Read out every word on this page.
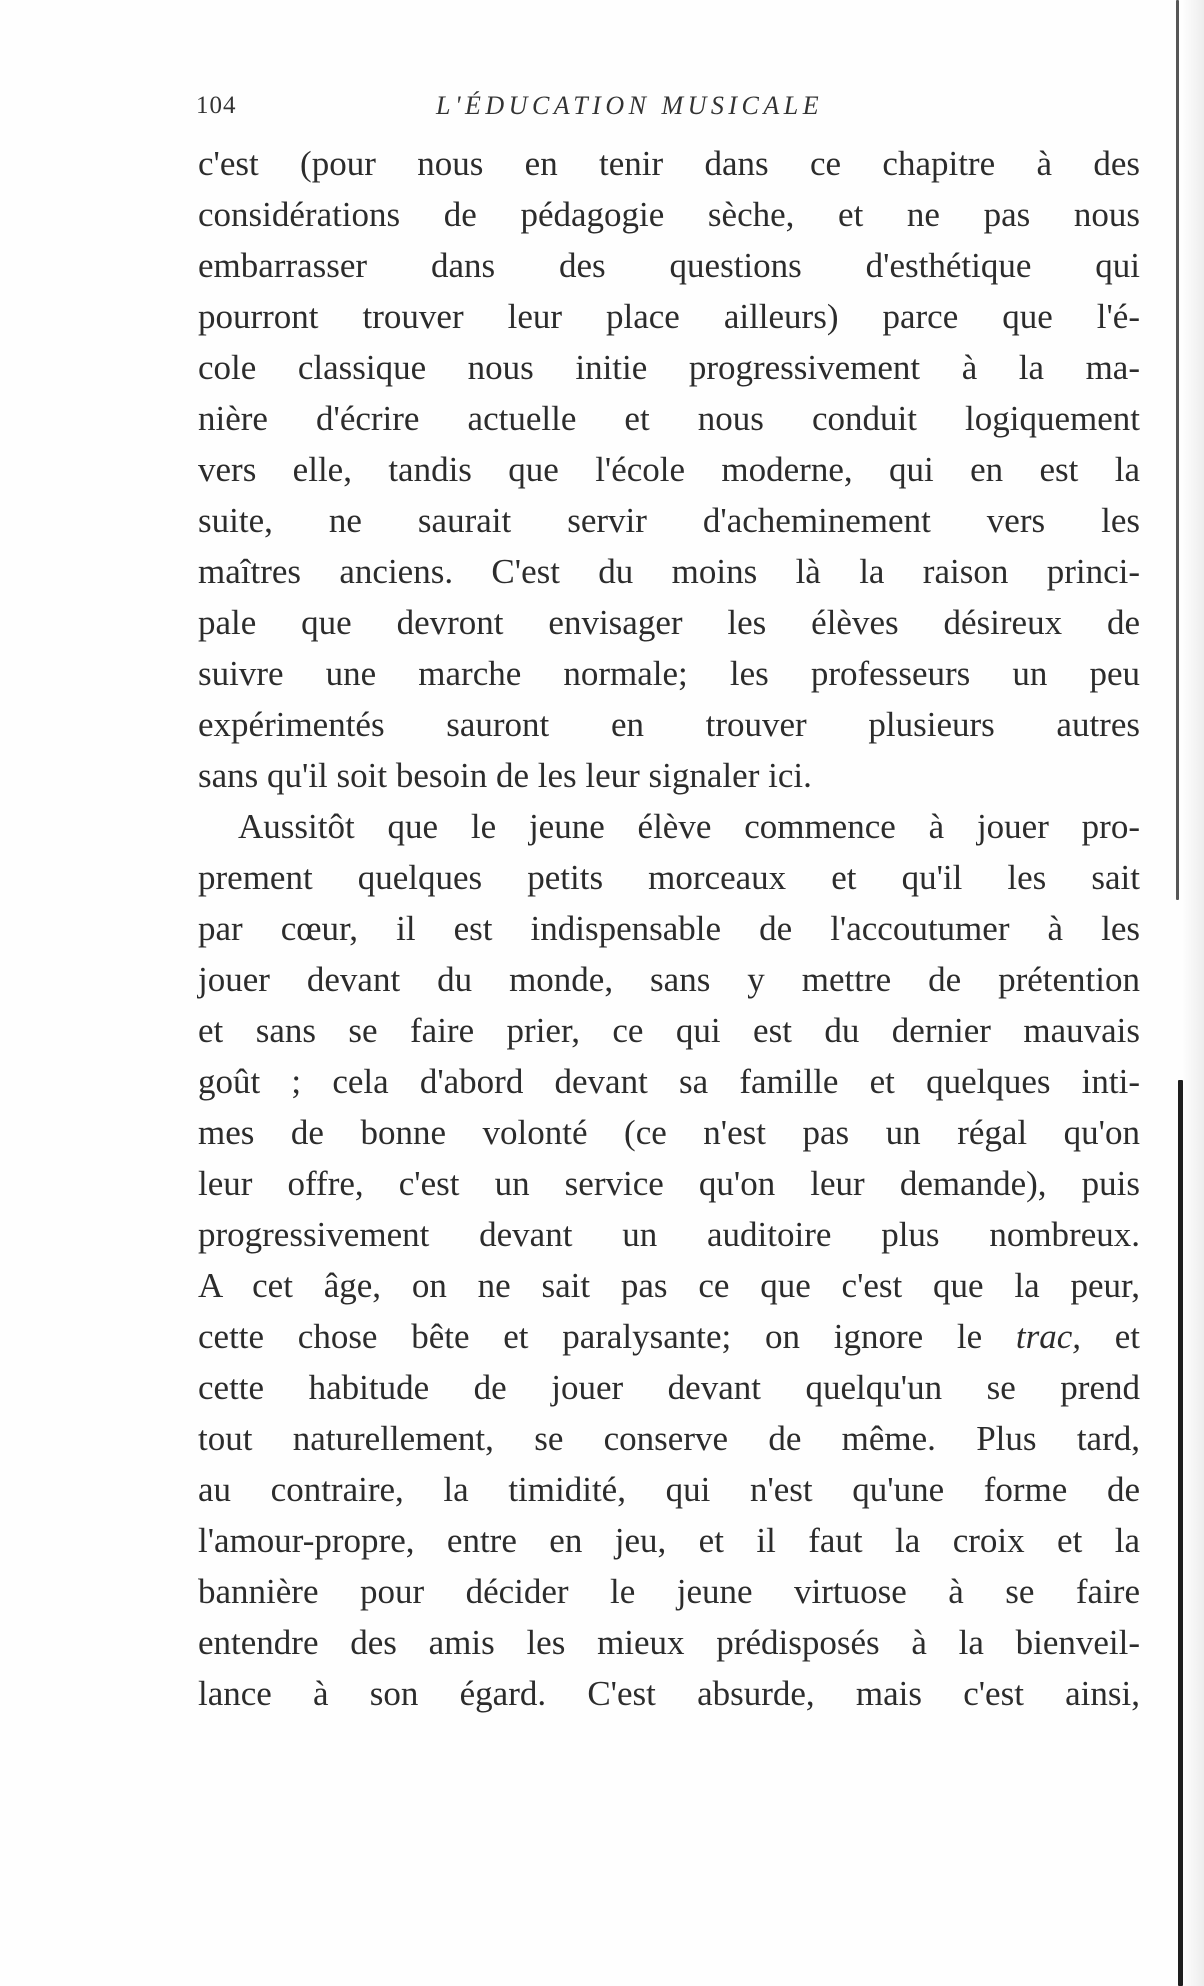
104	L'ÉDUCATION MUSICALE
c'est (pour nous en tenir dans ce chapitre à des
considérations de pédagogie sèche, et ne pas nous
embarrasser dans des questions d'esthétique qui
pourront trouver leur place ailleurs) parce que l'é-
cole classique nous initie progressivement à la ma-
nière d'écrire actuelle et nous conduit logiquement
vers elle, tandis que l'école moderne, qui en est la
suite, ne saurait servir d'acheminement vers les
maîtres anciens. C'est du moins là la raison princi-
pale que devront envisager les élèves désireux de
suivre une marche normale; les professeurs un peu
expérimentés sauront en trouver plusieurs autres
sans qu'il soit besoin de les leur signaler ici.
Aussitôt que le jeune élève commence à jouer pro-
prement quelques petits morceaux et qu'il les sait
par cœur, il est indispensable de l'accoutumer à les
jouer devant du monde, sans y mettre de prétention
et sans se faire prier, ce qui est du dernier mauvais
goût ; cela d'abord devant sa famille et quelques inti-
mes de bonne volonté (ce n'est pas un régal qu'on
leur offre, c'est un service qu'on leur demande), puis
progressivement devant un auditoire plus nombreux.
A cet âge, on ne sait pas ce que c'est que la peur,
cette chose bête et paralysante; on ignore le trac, et
cette habitude de jouer devant quelqu'un se prend
tout naturellement, se conserve de même. Plus tard,
au contraire, la timidité, qui n'est qu'une forme de
l'amour-propre, entre en jeu, et il faut la croix et la
bannière pour décider le jeune virtuose à se faire
entendre des amis les mieux prédisposés à la bienveil-
lance à son égard. C'est absurde, mais c'est ainsi,
